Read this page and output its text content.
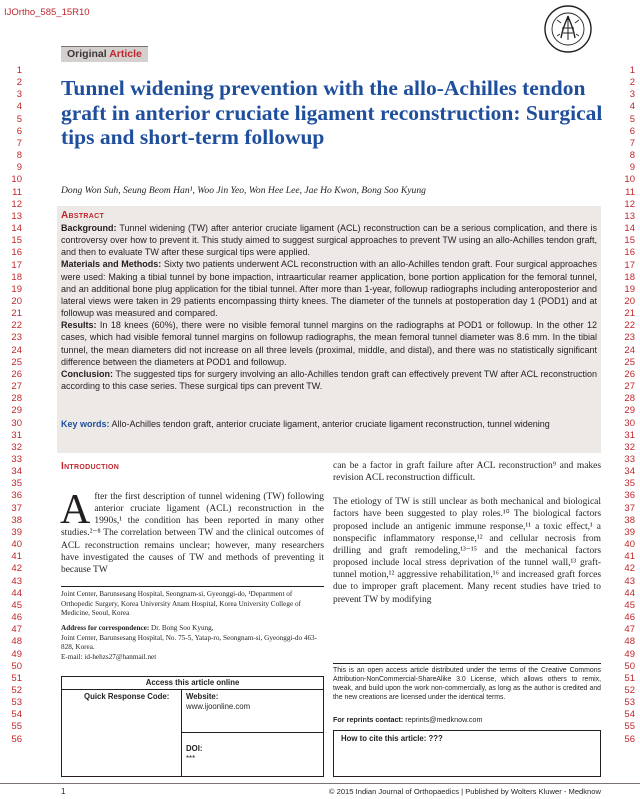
IJOrtho_585_15R10
1
2
3
4
5
6
7
8
9
10
11
12
13
14
15
16
17
18
19
20
21
22
23
24
25
26
27
28
29
30
31
32
33
34
35
36
37
38
39
40
41
42
43
44
45
46
47
48
49
50
51
52
53
54
55
56
1
2
3
4
5
6
7
8
9
10
11
12
13
14
15
16
17
18
19
20
21
22
23
24
25
26
27
28
29
30
31
32
33
34
35
36
37
38
39
40
41
42
43
44
45
46
47
48
49
50
51
52
53
54
55
56
Original Article
Tunnel widening prevention with the allo-Achilles tendon graft in anterior cruciate ligament reconstruction: Surgical tips and short-term followup
Dong Won Suh, Seung Beom Han¹, Woo Jin Yeo, Won Hee Lee, Jae Ho Kwon, Bong Soo Kyung
Abstract

Background: Tunnel widening (TW) after anterior cruciate ligament (ACL) reconstruction can be a serious complication, and there is controversy over how to prevent it. This study aimed to suggest surgical approaches to prevent TW using an allo-Achilles tendon graft, and then to evaluate TW after these surgical tips were applied.

Materials and Methods: Sixty two patients underwent ACL reconstruction with an allo-Achilles tendon graft. Four surgical approaches were used: Making a tibial tunnel by bone impaction, intraarticular reamer application, bone portion application for the femoral tunnel, and an additional bone plug application for the tibial tunnel. After more than 1-year, followup radiographs including anteroposterior and lateral views were taken in 29 patients encompassing thirty knees. The diameter of the tunnels at postoperation day 1 (POD1) and at followup was measured and compared.

Results: In 18 knees (60%), there were no visible femoral tunnel margins on the radiographs at POD1 or followup. In the other 12 cases, which had visible femoral tunnel margins on followup radiographs, the mean femoral tunnel diameter was 8.6 mm. In the tibial tunnel, the mean diameters did not increase on all three levels (proximal, middle, and distal), and there was no statistically significant difference between the diameters at POD1 and followup.

Conclusion: The suggested tips for surgery involving an allo-Achilles tendon graft can effectively prevent TW after ACL reconstruction according to this case series. These surgical tips can prevent TW.

Key words: Allo-Achilles tendon graft, anterior cruciate ligament, anterior cruciate ligament reconstruction, tunnel widening
Introduction
After the first description of tunnel widening (TW) following anterior cruciate ligament (ACL) reconstruction in the 1990s,¹ the condition has been reported in many other studies.²⁻⁸ The correlation between TW and the clinical outcomes of ACL reconstruction remains unclear; however, many researchers have investigated the causes of TW and methods of preventing it because TW

can be a factor in graft failure after ACL reconstruction⁹ and makes revision ACL reconstruction difficult.

The etiology of TW is still unclear as both mechanical and biological factors have been suggested to play roles.¹⁰ The biological factors proposed include an antigenic immune response,¹¹ a toxic effect,¹ a nonspecific inflammatory response,¹² and cellular necrosis from drilling and graft remodeling,¹³⁻¹⁵ and the mechanical factors proposed include local stress deprivation of the tunnel wall,¹³ graft-tunnel motion,¹² aggressive rehabilitation,¹⁶ and increased graft forces due to improper graft placement. Many recent studies have tried to prevent TW by modifying

Joint Center, Barunsesang Hospital, Seongnam-si, Gyeonggi-do, ¹Department of Orthopedic Surgery, Korea University Anam Hospital, Korea University College of Medicine, Seoul, Korea
Address for correspondence: Dr. Bong Soo Kyung,
Joint Center, Barunsesang Hospital, No. 75-5, Yatap-ro, Seongnam-si, Gyeonggi-do 463-828, Korea.
E-mail: id-hehzs27@hanmail.net
Access this article online
Quick Response Code: Website:
www.ijoonline.com
DOI:
***
This is an open access article distributed under the terms of the Creative Commons Attribution-NonCommercial-ShareAlike 3.0 License, which allows others to remix, tweak, and build upon the work non-commercially, as long as the author is credited and the new creations are licensed under the identical terms.
For reprints contact: reprints@medknow.com
How to cite this article: ???
1	© 2015 Indian Journal of Orthopaedics | Published by Wolters Kluwer - Medknow
